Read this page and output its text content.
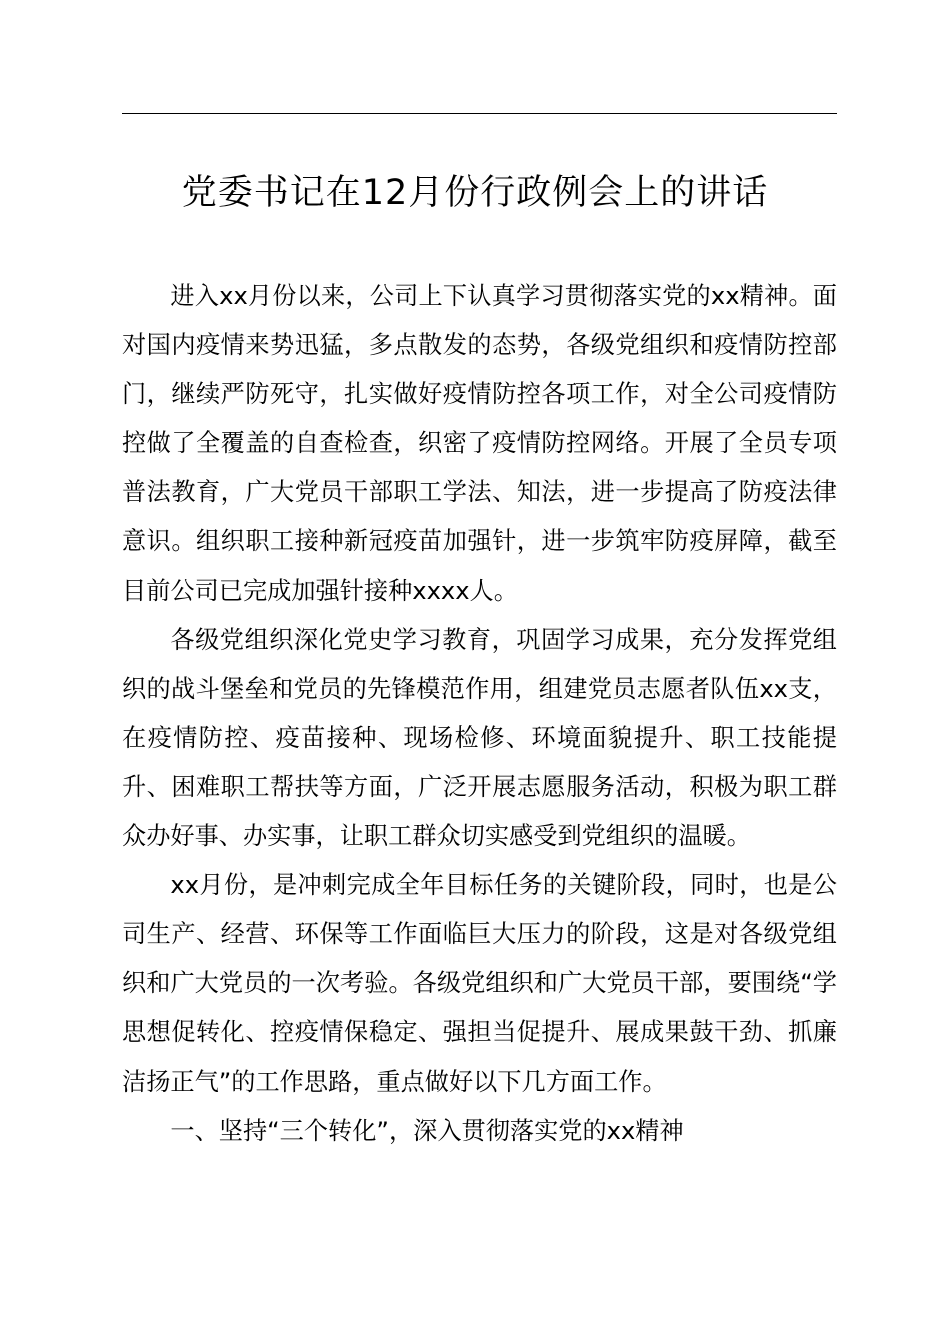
党委书记在12月份行政例会上的讲话

进入xx月份以来，公司上下认真学习贯彻落实党的xx精神。面对国内疫情来势迅猛，多点散发的态势，各级党组织和疫情防控部门，继续严防死守，扎实做好疫情防控各项工作，对全公司疫情防控做了全覆盖的自查检查，织密了疫情防控网络。开展了全员专项普法教育，广大党员干部职工学法、知法，进一步提高了防疫法律意识。组织职工接种新冠疫苗加强针，进一步筑牢防疫屏障，截至目前公司已完成加强针接种xxxx人。

各级党组织深化党史学习教育，巩固学习成果，充分发挥党组织的战斗堡垒和党员的先锋模范作用，组建党员志愿者队伍xx支，在疫情防控、疫苗接种、现场检修、环境面貌提升、职工技能提升、困难职工帮扶等方面，广泛开展志愿服务活动，积极为职工群众办好事、办实事，让职工群众切实感受到党组织的温暖。

xx月份，是冲刺完成全年目标任务的关键阶段，同时，也是公司生产、经营、环保等工作面临巨大压力的阶段，这是对各级党组织和广大党员的一次考验。各级党组织和广大党员干部，要围绕“学思想促转化、控疫情保稳定、强担当促提升、展成果鼓干劲、抓廉洁扬正气”的工作思路，重点做好以下几方面工作。

一、坚持“三个转化”，深入贯彻落实党的xx精神
